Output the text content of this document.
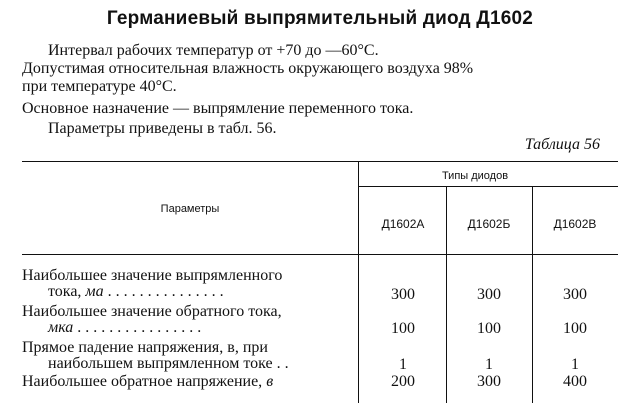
Германиевый выпрямительный диод Д1602
Интервал рабочих температур от +70 до —60°С.
Допустимая относительная влажность окружающего воздуха 98%
при температуре 40°С.
Основное назначение — выпрямление переменного тока.
Параметры приведены в табл. 56.
Таблица 56
Параметры
Типы диодов
Д1602А	Д1602Б	Д1602В
Наибольшее значение выпрямленного
тока, ма . . . . . . . . . . . . . . .	300	300	300
Наибольшее значение обратного тока,
мка . . . . . . . . . . . . . . . .	100	100	100
Прямое падение напряжения, в, при
наибольшем выпрямленном токе . .	1	1	1
Наибольшее обратное напряжение, в	200	300	400
